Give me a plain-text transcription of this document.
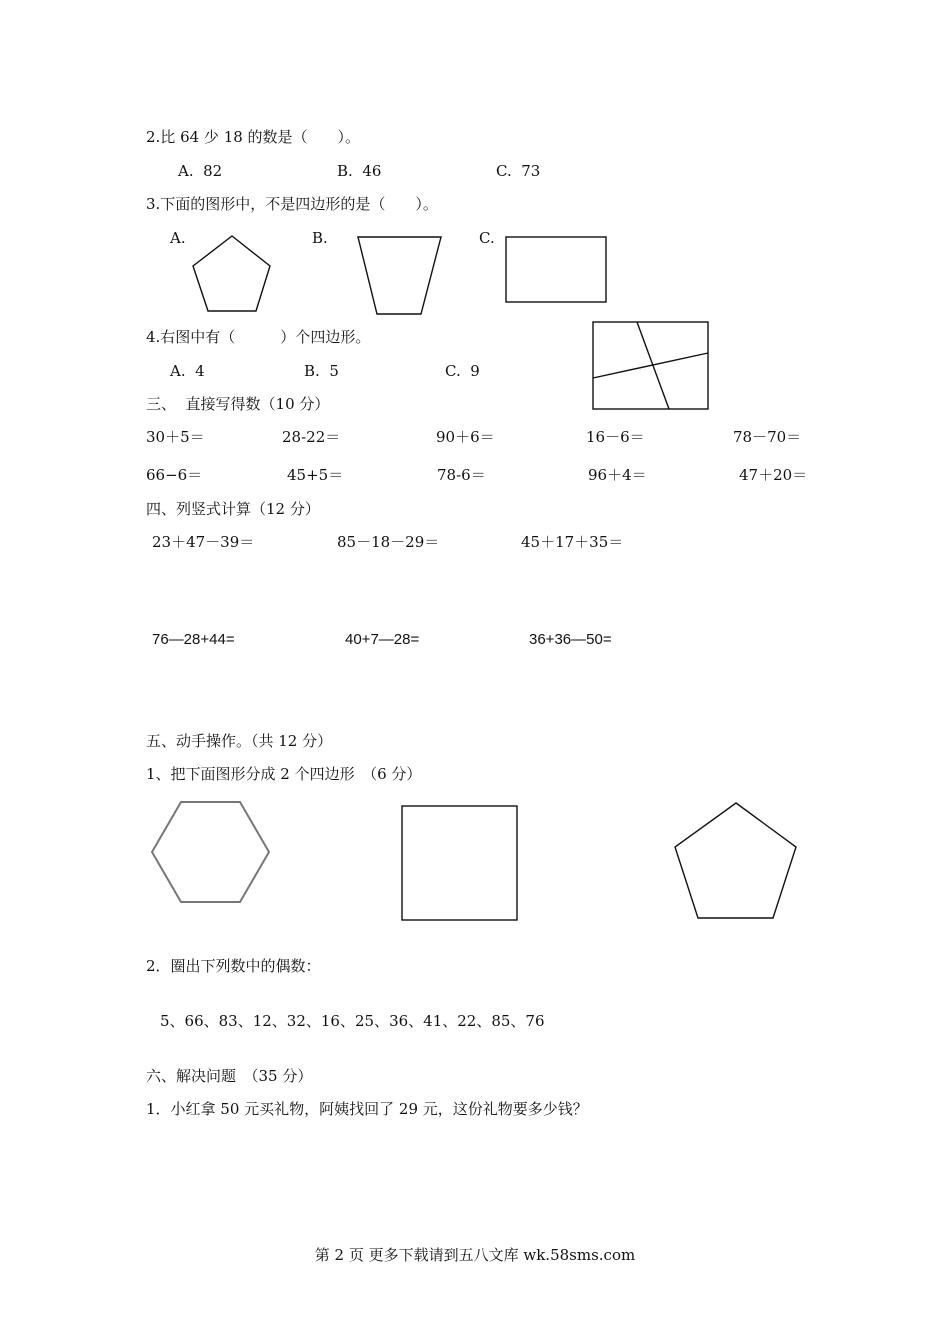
2.比 64 少 18 的数是（　　）。
A.  82	B.  46	C.  73
3.下面的图形中，不是四边形的是（　　）。
A.	B.	C.
4.右图中有（　　　）个四边形。
A.  4	B.  5	C.  9
三、  直接写得数（10 分）
30＋5＝	28-22＝	90＋6＝	16－6＝	78－70＝
66−6＝	45+5＝	78-6＝	96＋4＝	47＋20＝
四、列竖式计算（12 分）
23＋47－39＝	85－18－29＝	45＋17＋35＝
76—28+44=	40+7—28=	36+36—50=
五、动手操作。（共 12 分）
1、把下面图形分成 2 个四边形　（6 分）
2．圈出下列数中的偶数：
5、66、83、12、32、16、25、36、41、22、85、76
六、解决问题　（35 分）
1．小红拿 50 元买礼物，阿姨找回了 29 元，这份礼物要多少钱？
第 2 页 更多下载请到五八文库 wk.58sms.com
